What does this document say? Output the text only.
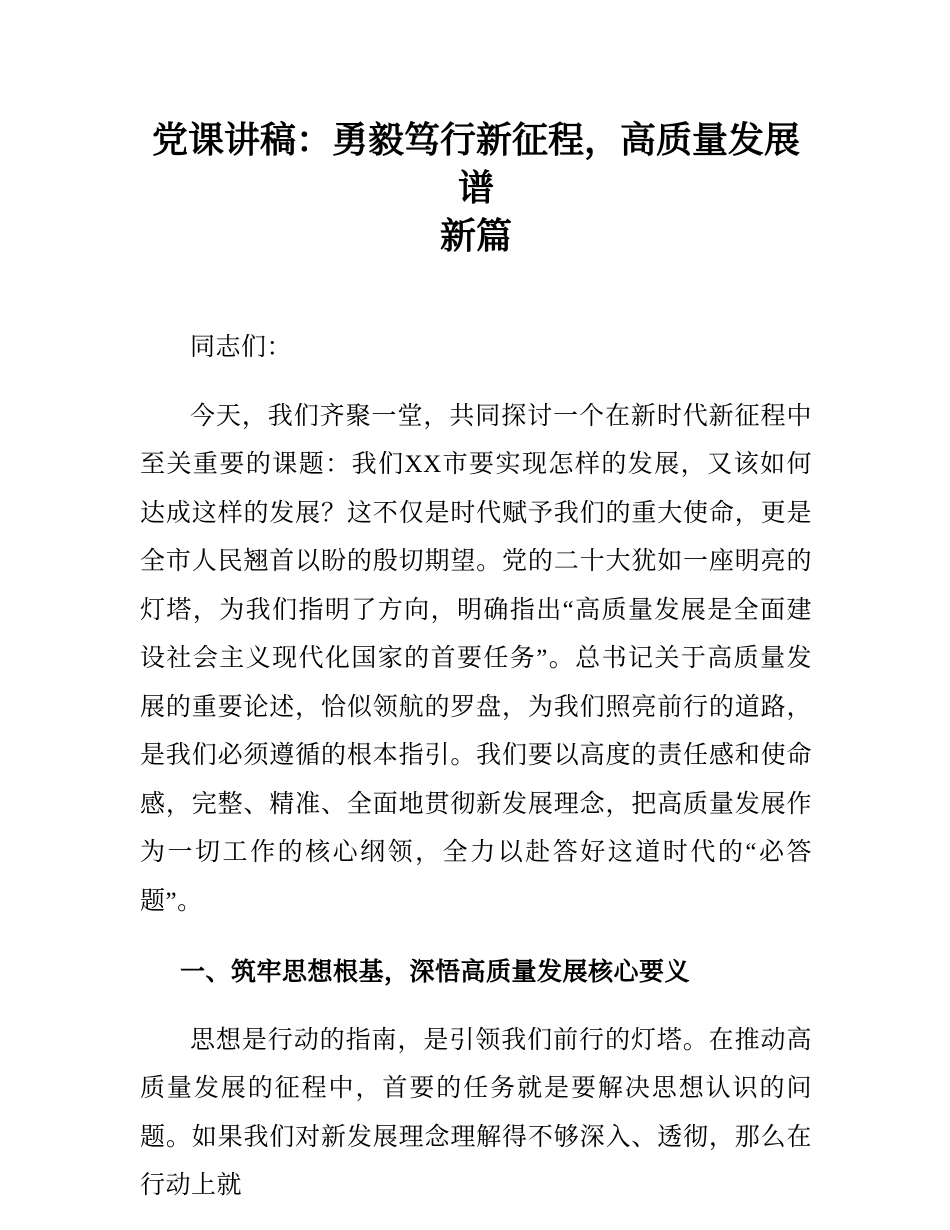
党课讲稿：勇毅笃行新征程，高质量发展谱
新篇

同志们：

今天，我们齐聚一堂，共同探讨一个在新时代新征程中至关重要的课题：我们XX市要实现怎样的发展，又该如何达成这样的发展？这不仅是时代赋予我们的重大使命，更是全市人民翘首以盼的殷切期望。党的二十大犹如一座明亮的灯塔，为我们指明了方向，明确指出“高质量发展是全面建设社会主义现代化国家的首要任务”。总书记关于高质量发展的重要论述，恰似领航的罗盘，为我们照亮前行的道路，是我们必须遵循的根本指引。我们要以高度的责任感和使命感，完整、精准、全面地贯彻新发展理念，把高质量发展作为一切工作的核心纲领，全力以赴答好这道时代的“必答题”。

一、筑牢思想根基，深悟高质量发展核心要义

思想是行动的指南，是引领我们前行的灯塔。在推动高质量发展的征程中，首要的任务就是要解决思想认识的问题。如果我们对新发展理念理解得不够深入、透彻，那么在行动上就
